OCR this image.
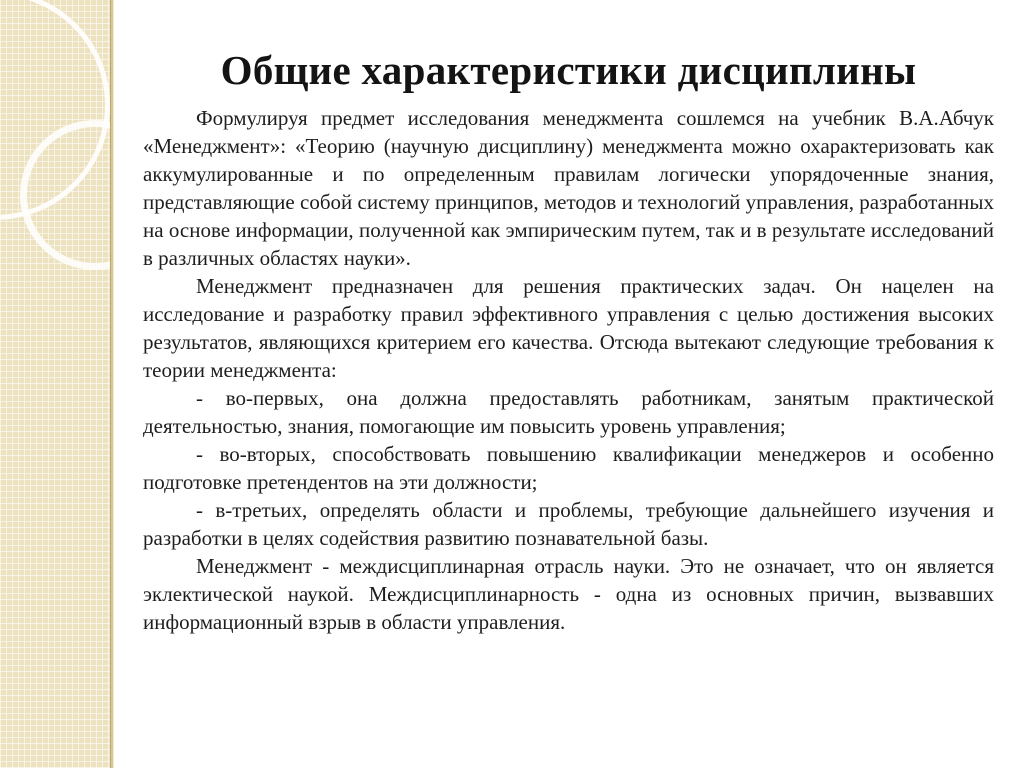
Общие характеристики дисциплины

Формулируя предмет исследования менеджмента сошлемся на учебник В.А.Абчук «Менеджмент»: «Теорию (научную дисциплину) менеджмента можно охарактеризовать как аккумулированные и по определенным правилам логически упорядоченные знания, представляющие собой систему принципов, методов и технологий управления, разработанных на основе информации, полученной как эмпирическим путем, так и в результате исследований в различных областях науки».

Менеджмент предназначен для решения практических задач. Он нацелен на исследование и разработку правил эффективного управления с целью достижения высоких результатов, являющихся критерием его качества. Отсюда вытекают следующие требования к теории менеджмента:

- во-первых, она должна предоставлять работникам, занятым практической деятельностью, знания, помогающие им повысить уровень управления;

- во-вторых, способствовать повышению квалификации менеджеров и особенно подготовке претендентов на эти должности;

- в-третьих, определять области и проблемы, требующие дальнейшего изучения и разработки в целях содействия развитию познавательной базы.

Менеджмент - междисциплинарная отрасль науки. Это не означает, что он является эклектической наукой. Междисциплинарность - одна из основных причин, вызвавших информационный взрыв в области управления.
